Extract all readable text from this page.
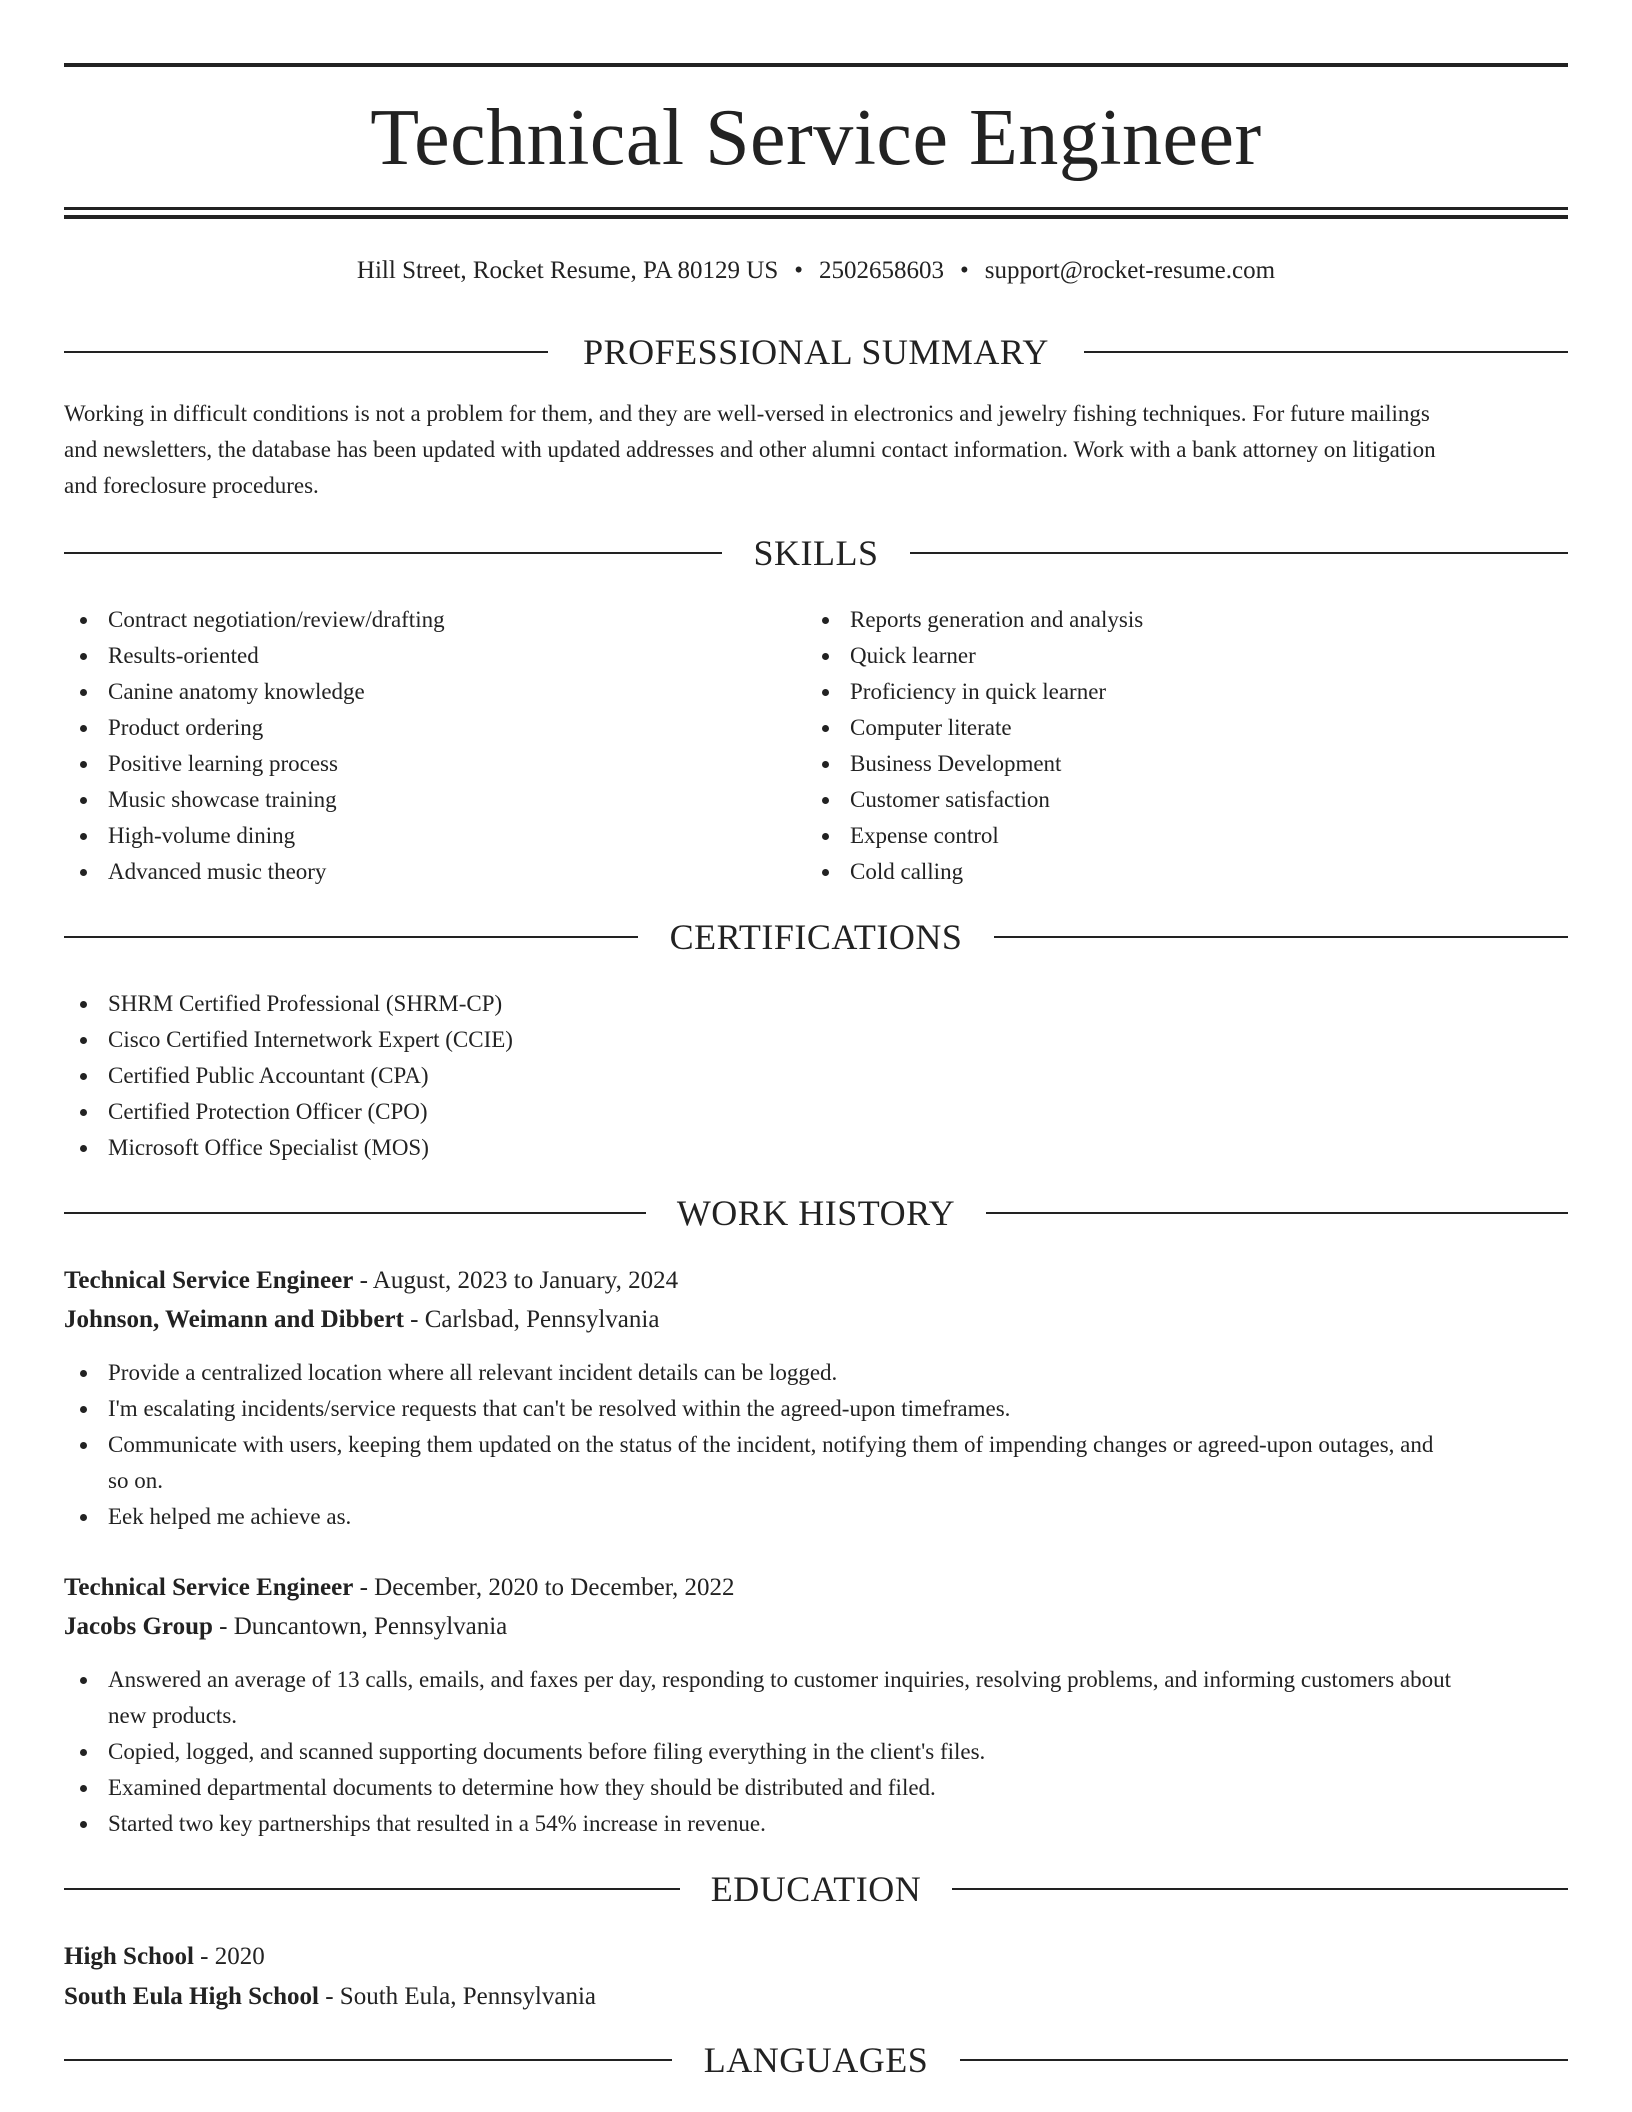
Technical Service Engineer
Hill Street, Rocket Resume, PA 80129 US • 2502658603 • support@rocket-resume.com
PROFESSIONAL SUMMARY
Working in difficult conditions is not a problem for them, and they are well-versed in electronics and jewelry fishing techniques. For future mailings
and newsletters, the database has been updated with updated addresses and other alumni contact information. Work with a bank attorney on litigation
and foreclosure procedures.
SKILLS
Contract negotiation/review/drafting
Results-oriented
Canine anatomy knowledge
Product ordering
Positive learning process
Music showcase training
High-volume dining
Advanced music theory
Reports generation and analysis
Quick learner
Proficiency in quick learner
Computer literate
Business Development
Customer satisfaction
Expense control
Cold calling
CERTIFICATIONS
SHRM Certified Professional (SHRM-CP)
Cisco Certified Internetwork Expert (CCIE)
Certified Public Accountant (CPA)
Certified Protection Officer (CPO)
Microsoft Office Specialist (MOS)
WORK HISTORY
Technical Service Engineer - August, 2023 to January, 2024
Johnson, Weimann and Dibbert - Carlsbad, Pennsylvania
Provide a centralized location where all relevant incident details can be logged.
I'm escalating incidents/service requests that can't be resolved within the agreed-upon timeframes.
Communicate with users, keeping them updated on the status of the incident, notifying them of impending changes or agreed-upon outages, and
so on.
Eek helped me achieve as.
Technical Service Engineer - December, 2020 to December, 2022
Jacobs Group - Duncantown, Pennsylvania
Answered an average of 13 calls, emails, and faxes per day, responding to customer inquiries, resolving problems, and informing customers about
new products.
Copied, logged, and scanned supporting documents before filing everything in the client's files.
Examined departmental documents to determine how they should be distributed and filed.
Started two key partnerships that resulted in a 54% increase in revenue.
EDUCATION
High School - 2020
South Eula High School - South Eula, Pennsylvania
LANGUAGES
